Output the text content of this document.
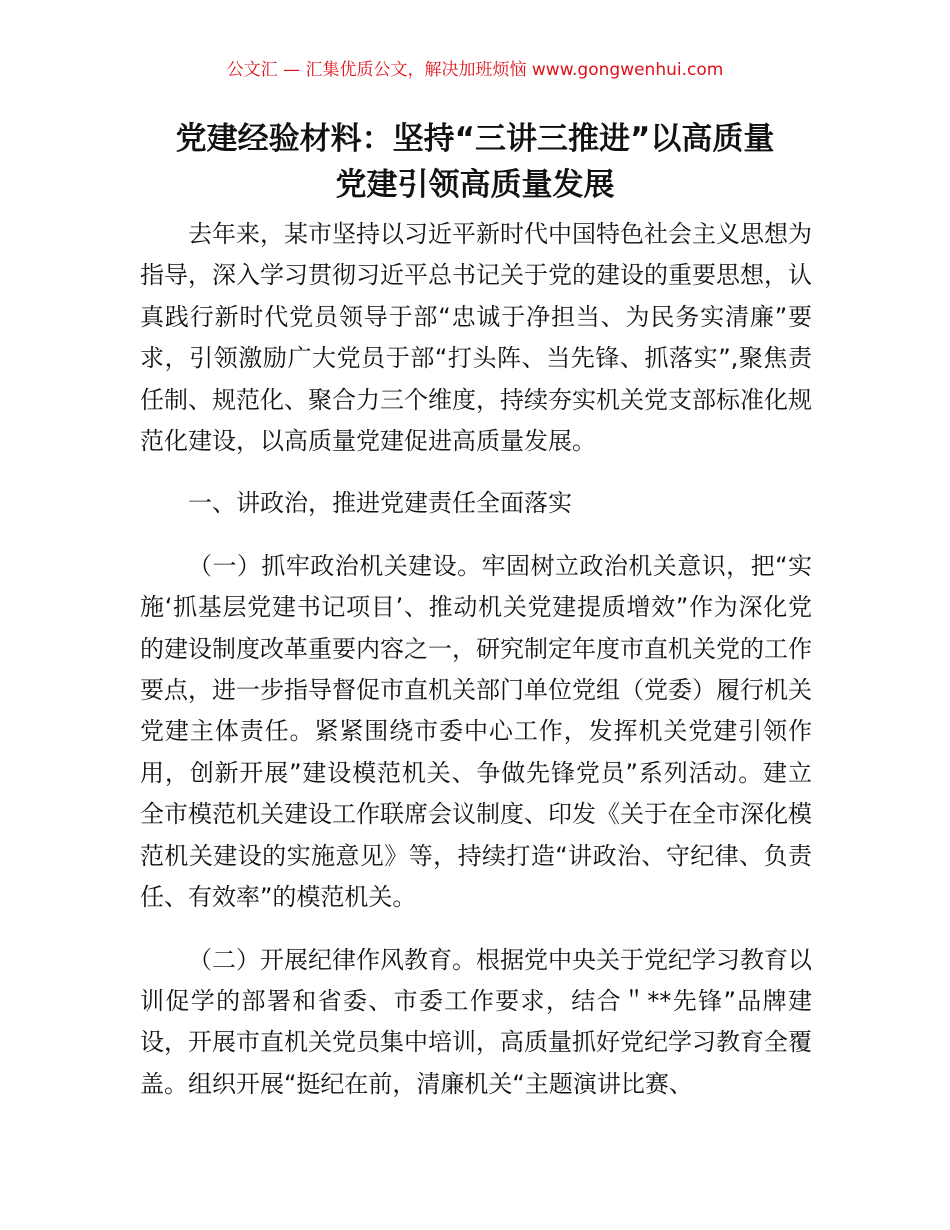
公文汇 — 汇集优质公文，解决加班烦恼 www.gongwenhui.com
党建经验材料：坚持“三讲三推进”以高质量
党建引领高质量发展

去年来，某市坚持以习近平新时代中国特色社会主义思想为指导，深入学习贯彻习近平总书记关于党的建设的重要思想，认真践行新时代党员领导于部“忠诚于净担当、为民务实清廉”要求，引领激励广大党员于部“打头阵、当先锋、抓落实”,聚焦责任制、规范化、聚合力三个维度，持续夯实机关党支部标准化规范化建设，以高质量党建促进高质量发展。

一、讲政治，推进党建责任全面落实

（一）抓牢政治机关建设。牢固树立政治机关意识，把“实施‘抓基层党建书记项目’、推动机关党建提质增效”作为深化党的建设制度改革重要内容之一，研究制定年度市直机关党的工作要点，进一步指导督促市直机关部门单位党组（党委）履行机关党建主体责任。紧紧围绕市委中心工作，发挥机关党建引领作用，创新开展”建设模范机关、争做先锋党员”系列活动。建立全市模范机关建设工作联席会议制度、印发《关于在全市深化模范机关建设的实施意见》等，持续打造“讲政治、守纪律、负责任、有效率”的模范机关。

（二）开展纪律作风教育。根据党中央关于党纪学习教育以训促学的部署和省委、市委工作要求，结合＂**先锋”品牌建设，开展市直机关党员集中培训，高质量抓好党纪学习教育全覆盖。组织开展“挺纪在前，清廉机关“主题演讲比赛、
